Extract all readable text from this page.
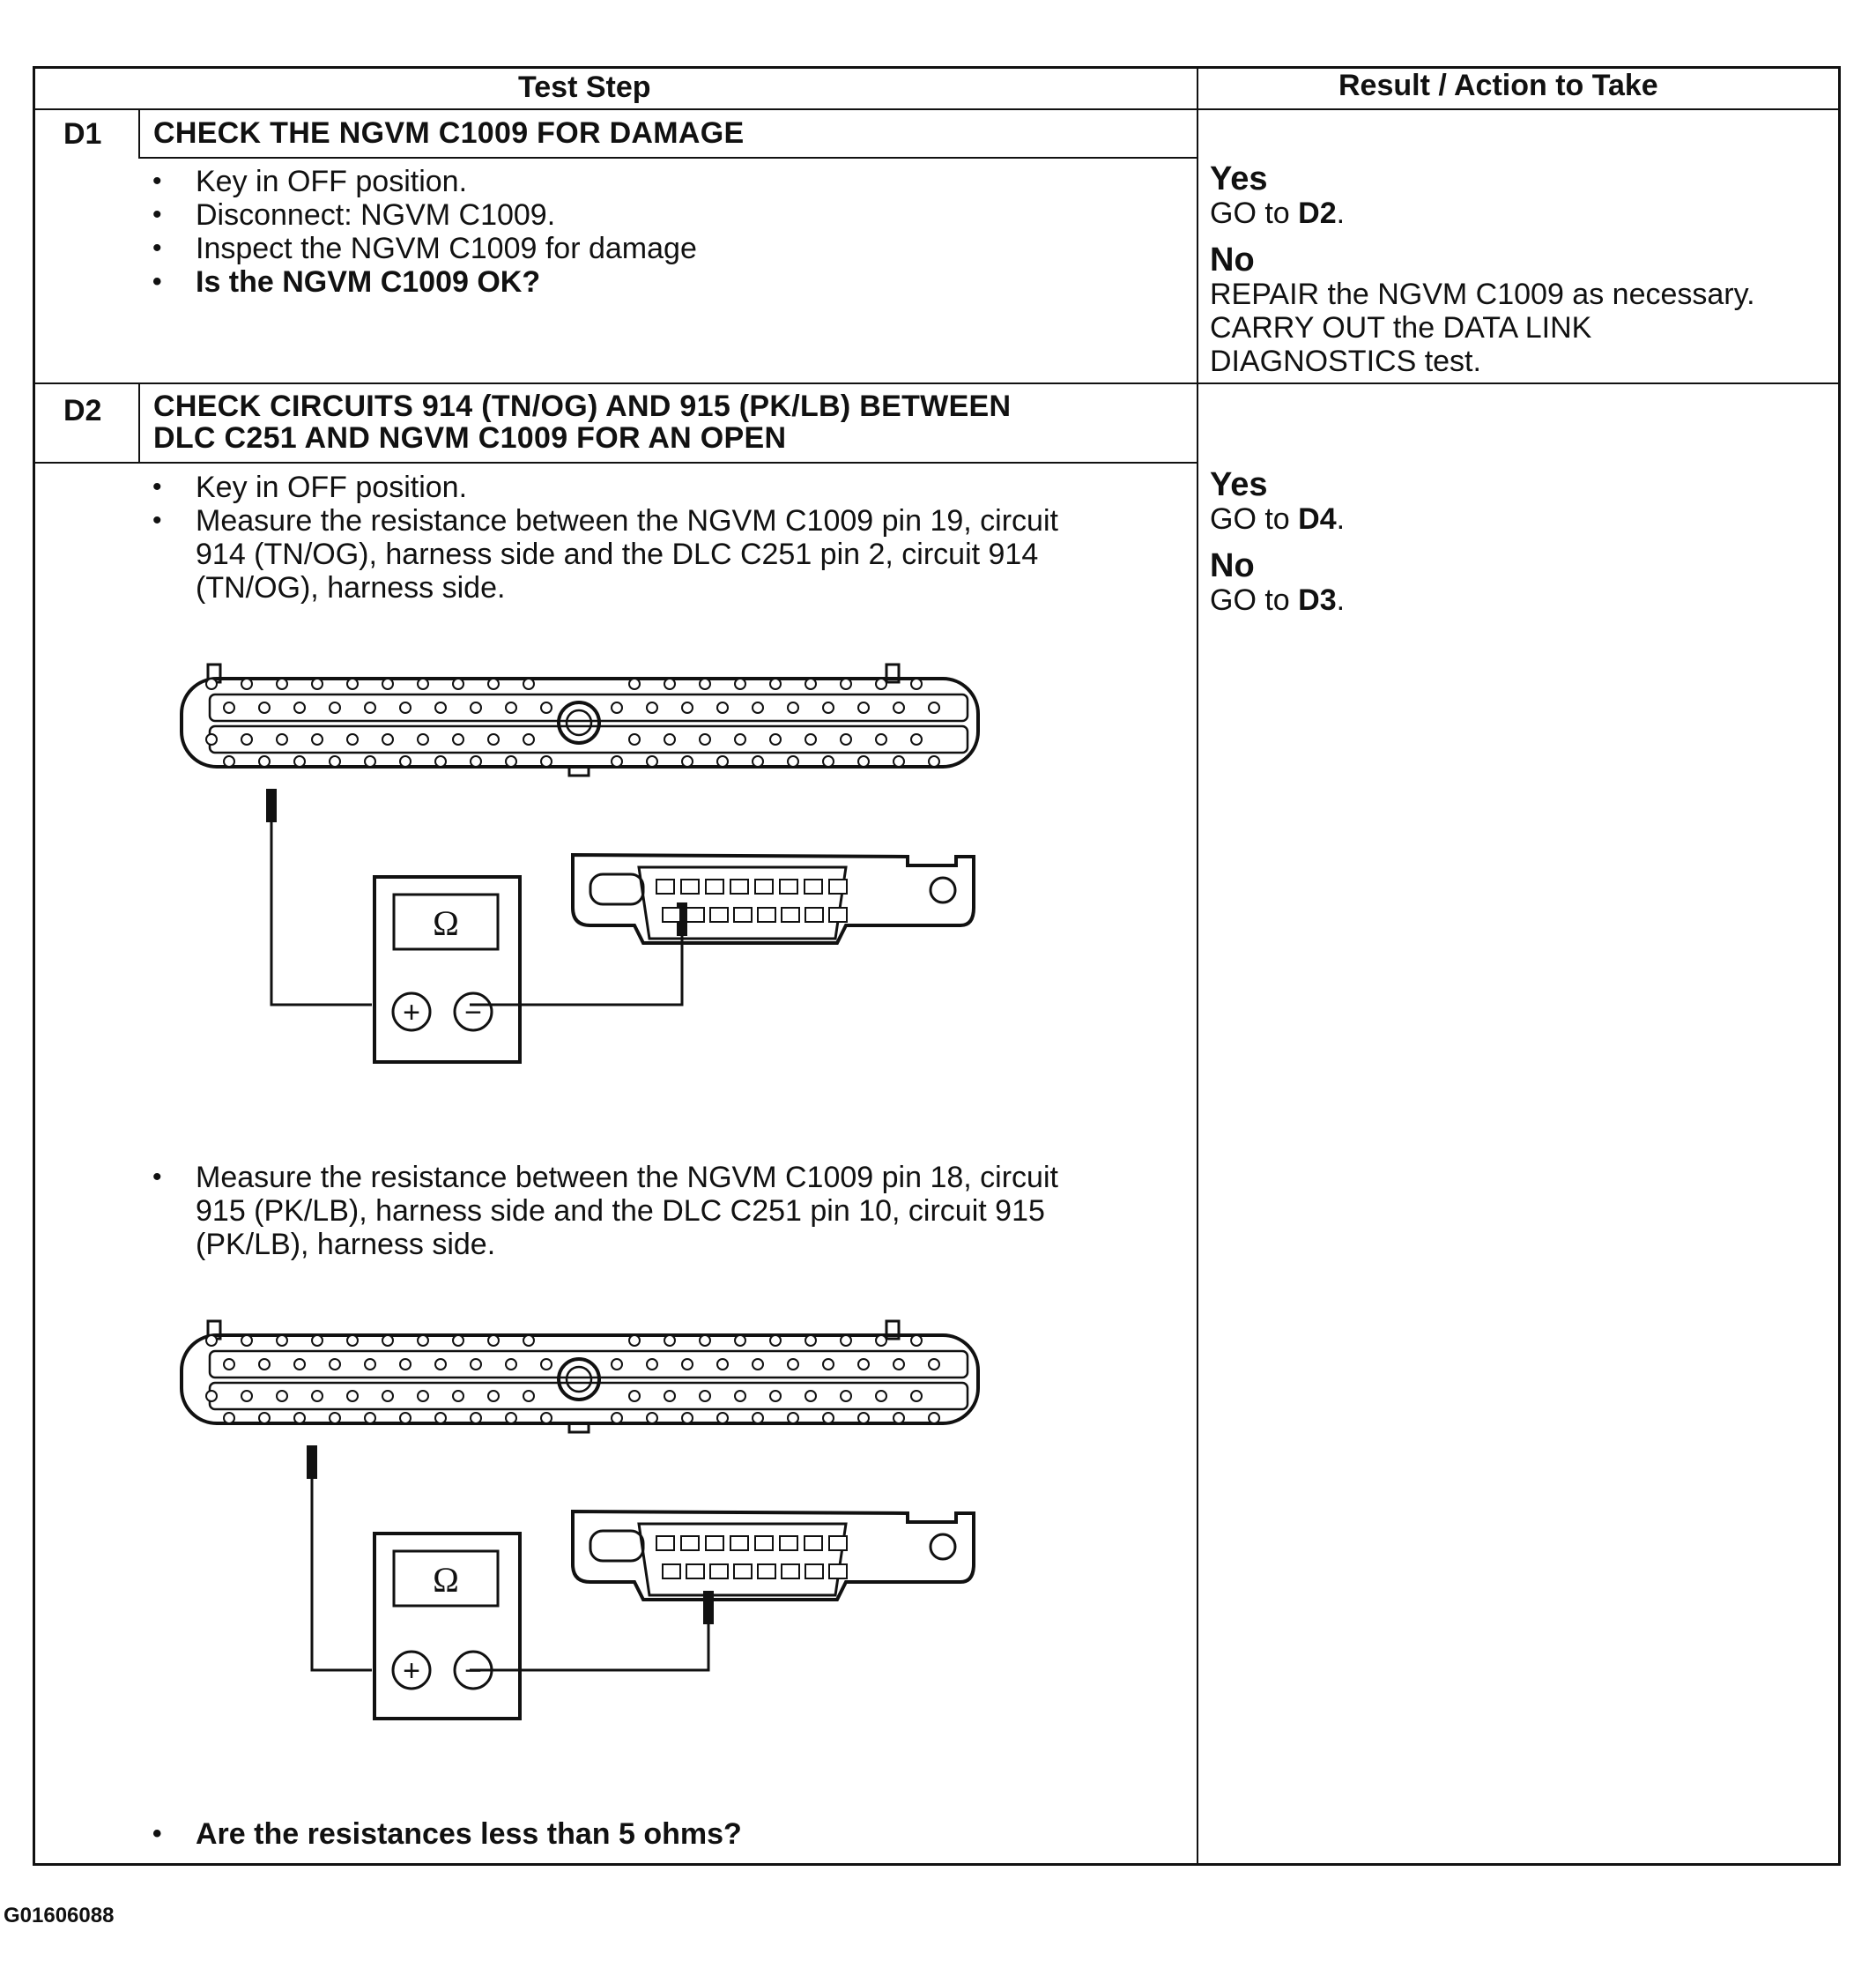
Test Step	Result / Action to Take
D1 CHECK THE NGVM C1009 FOR DAMAGE
• Key in OFF position.
• Disconnect: NGVM C1009.
• Inspect the NGVM C1009 for damage
• Is the NGVM C1009 OK?
Yes
GO to D2.
No
REPAIR the NGVM C1009 as necessary.
CARRY OUT the DATA LINK
DIAGNOSTICS test.
D2 CHECK CIRCUITS 914 (TN/OG) AND 915 (PK/LB) BETWEEN
DLC C251 AND NGVM C1009 FOR AN OPEN
• Key in OFF position.
• Measure the resistance between the NGVM C1009 pin 19, circuit 914 (TN/OG), harness side and the DLC C251 pin 2, circuit 914 (TN/OG), harness side.
Ω
+ −
• Measure the resistance between the NGVM C1009 pin 18, circuit 915 (PK/LB), harness side and the DLC C251 pin 10, circuit 915 (PK/LB), harness side.
Ω
+ −
• Are the resistances less than 5 ohms?
Yes
GO to D4.
No
GO to D3.
G01606088
